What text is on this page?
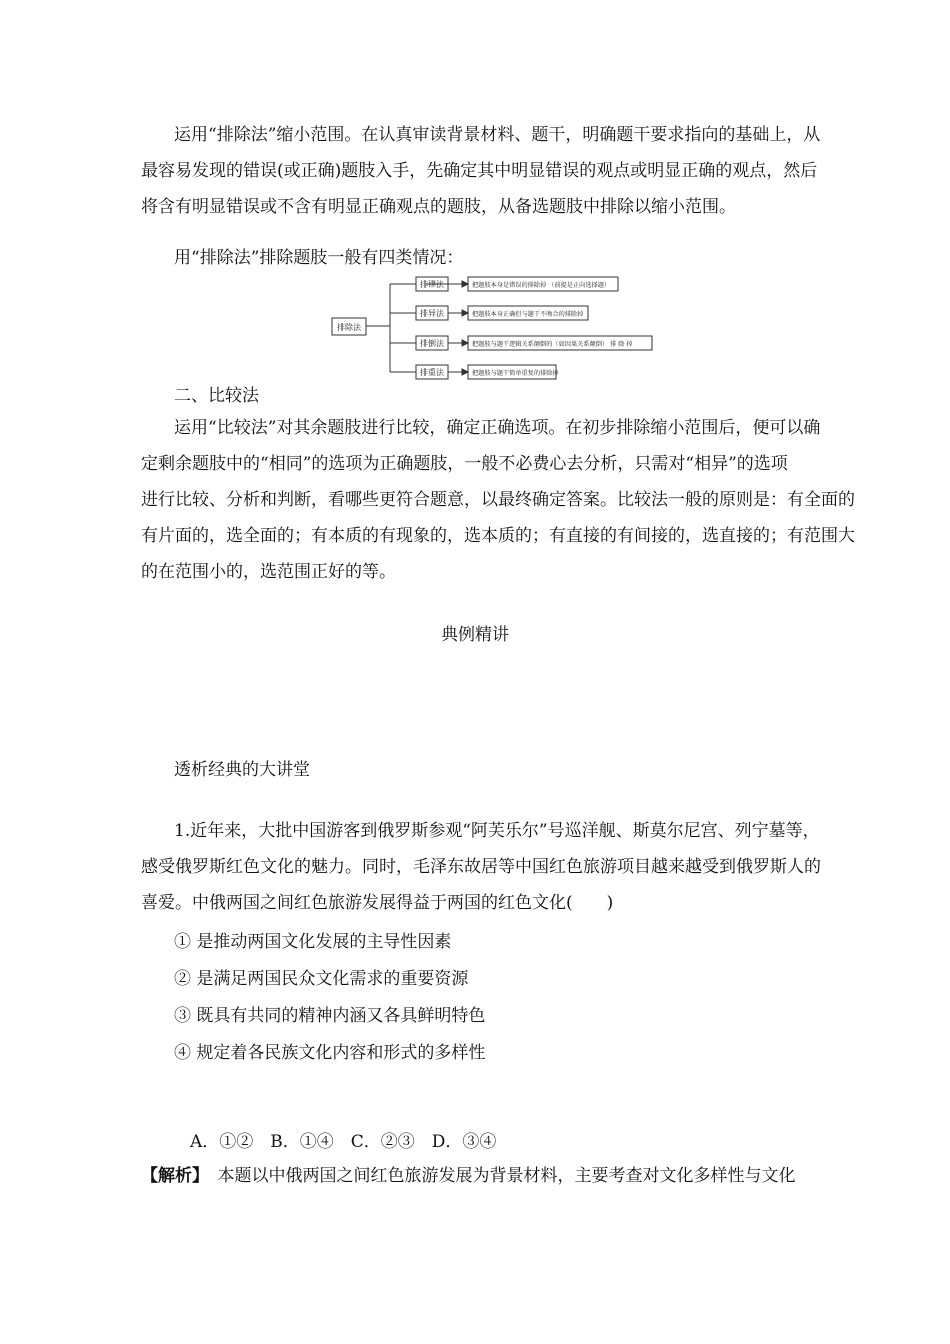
运用“排除法”缩小范围。在认真审读背景材料、题干，明确题干要求指向的基础上，从
最容易发现的错误(或正确)题肢入手，先确定其中明显错误的观点或明显正确的观点，然后
将含有明显错误或不含有明显正确观点的题肢，从备选题肢中排除以缩小范围。
用“排除法”排除题肢一般有四类情况：
排除法
排谬法
排异法
排倒法
排重法
把题肢本身是错误的排除掉 （前提是正向选择题）
把题肢本身正确但与题干不吻合的排除掉
把题肢与题干逻辑关系颠倒的（如因果关系颠倒） 排 除 掉
把题肢与题干简单重复的排除掉
二、比较法
运用“比较法”对其余题肢进行比较，确定正确选项。在初步排除缩小范围后，便可以确
定剩余题肢中的“相同”的选项为正确题肢，一般不必费心去分析，只需对“相异”的选项
进行比较、分析和判断，看哪些更符合题意，以最终确定答案。比较法一般的原则是：有全面的
有片面的，选全面的；有本质的有现象的，选本质的；有直接的有间接的，选直接的；有范围大
的在范围小的，选范围正好的等。
典例精讲
透析经典的大讲堂
1.近年来，大批中国游客到俄罗斯参观“阿芙乐尔”号巡洋舰、斯莫尔尼宫、列宁墓等，
感受俄罗斯红色文化的魅力。同时，毛泽东故居等中国红色旅游项目越来越受到俄罗斯人的
喜爱。中俄两国之间红色旅游发展得益于两国的红色文化(　　)
① 是推动两国文化发展的主导性因素
② 是满足两国民众文化需求的重要资源
③ 既具有共同的精神内涵又各具鲜明特色
④ 规定着各民族文化内容和形式的多样性
A．①②　B．①④　C．②③　D．③④
【解析】　本题以中俄两国之间红色旅游发展为背景材料，主要考查对文化多样性与文化
